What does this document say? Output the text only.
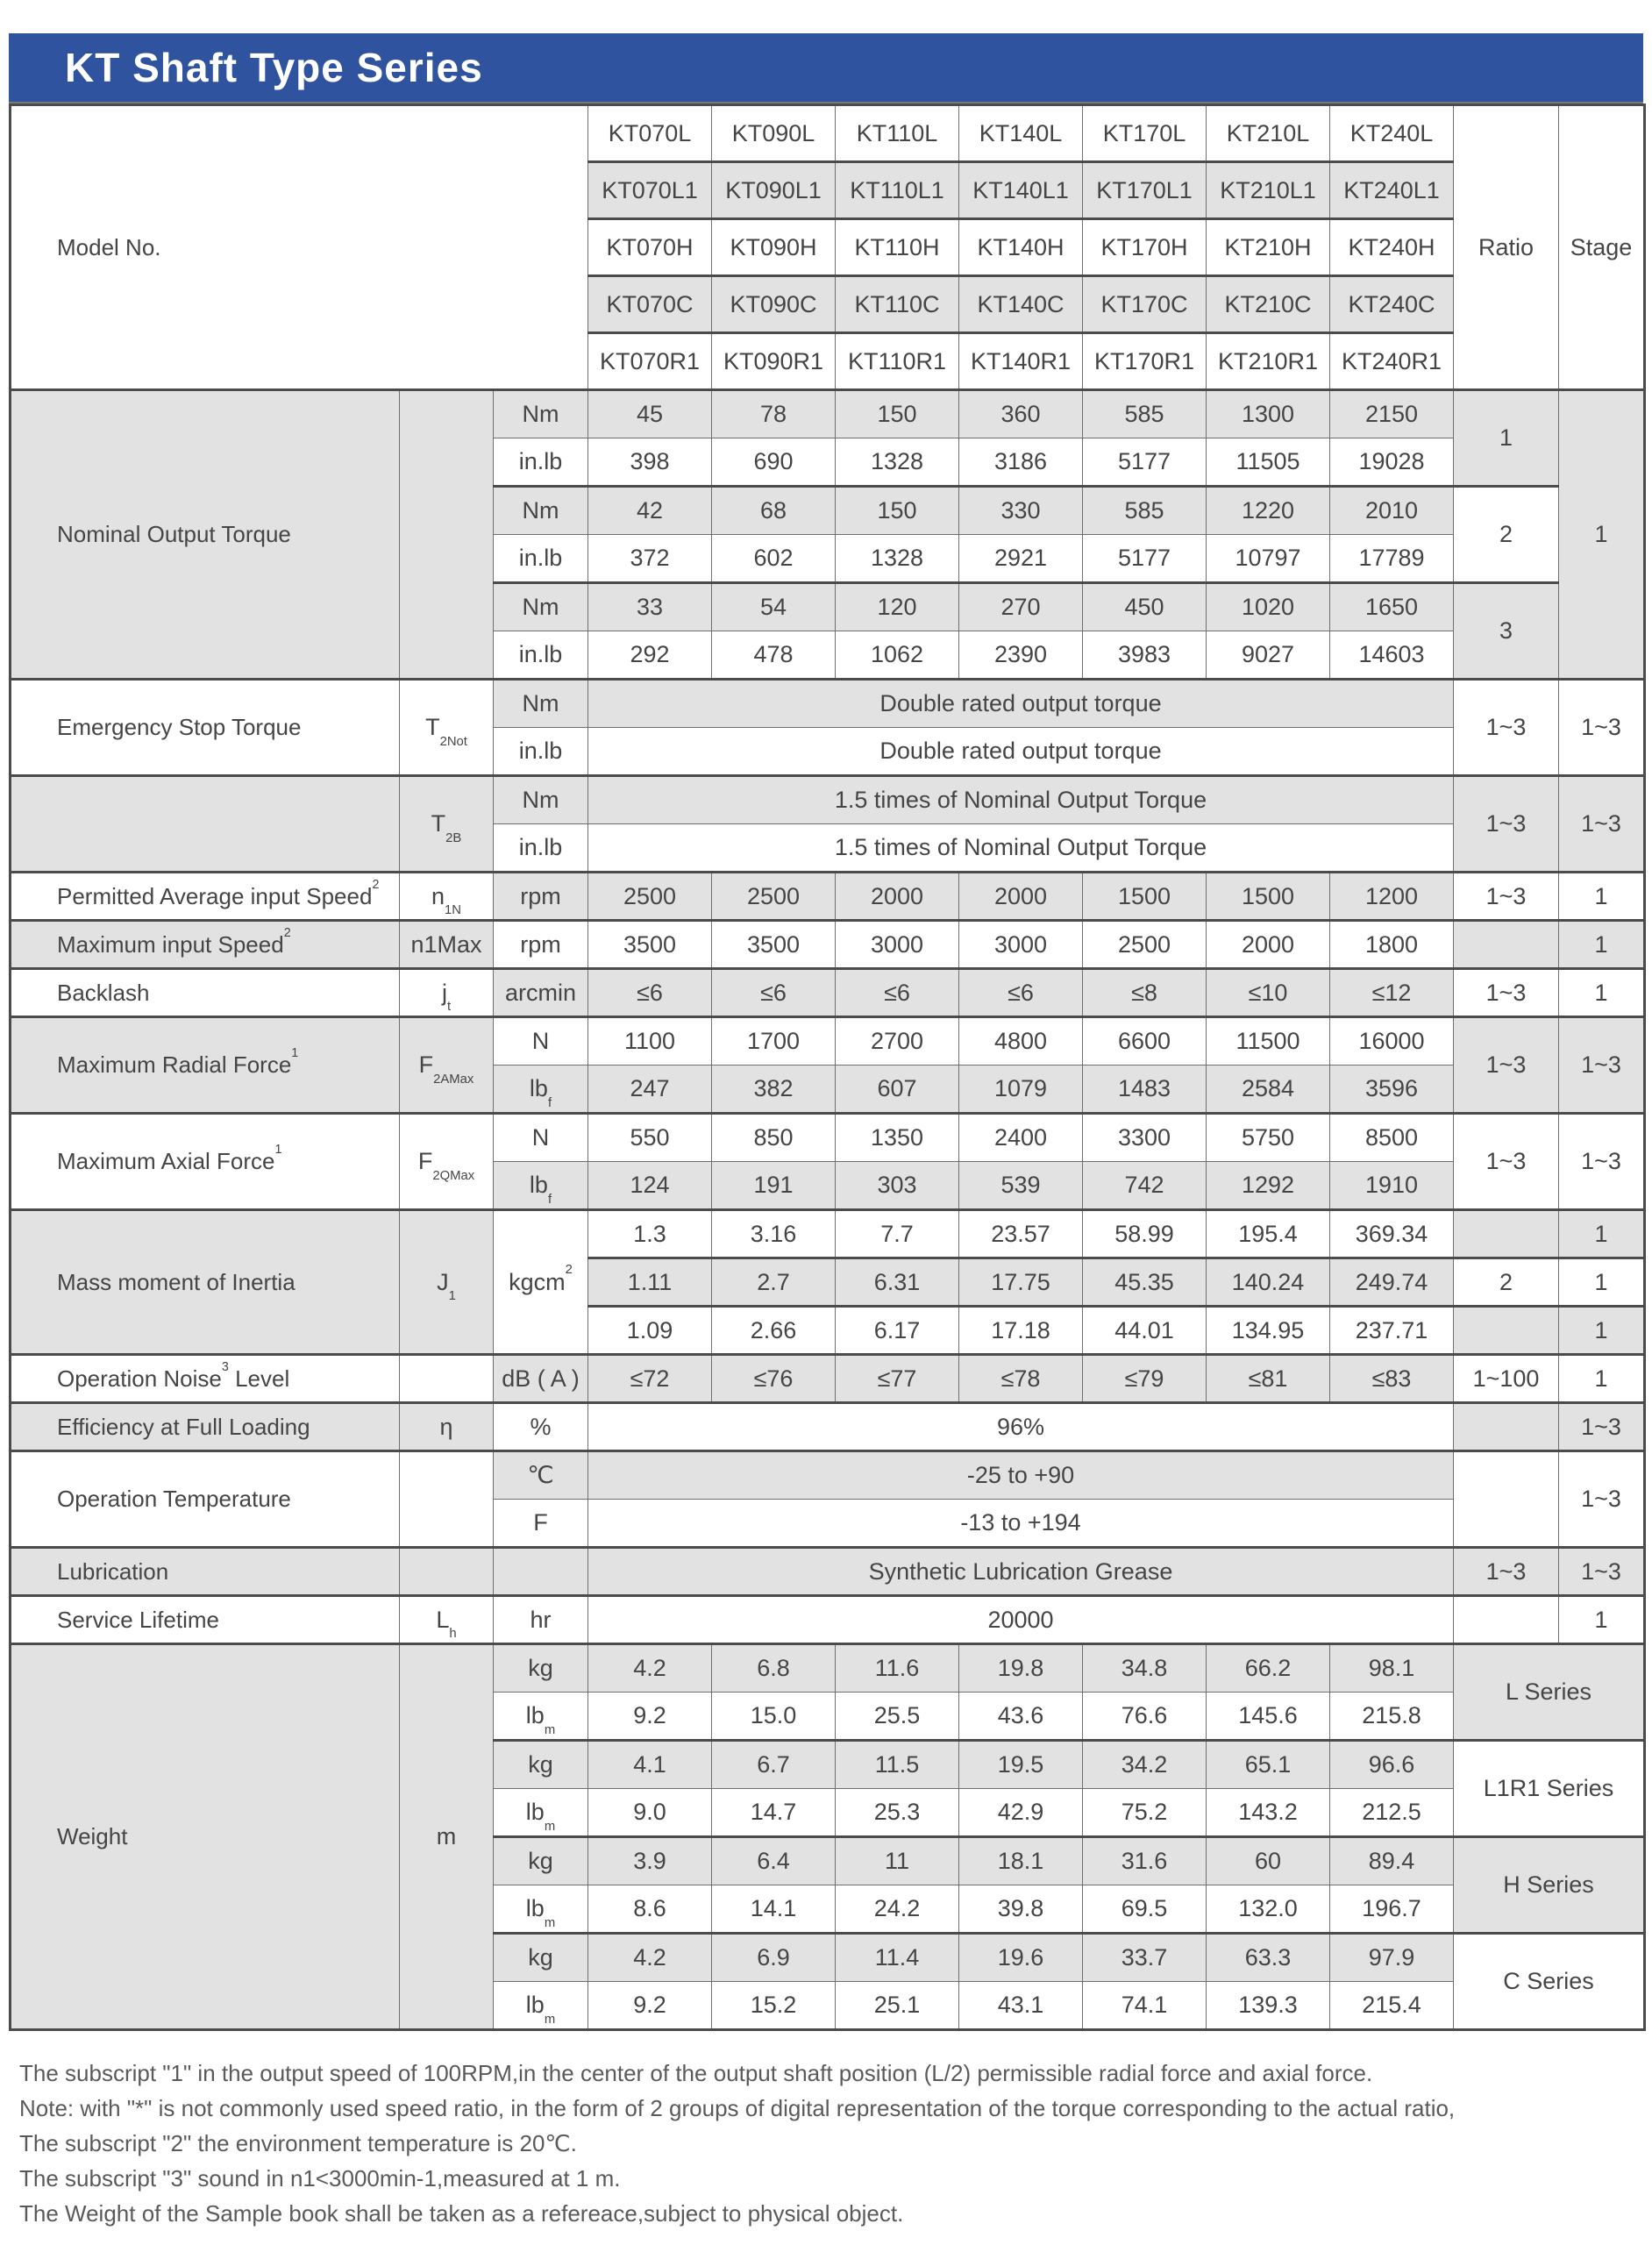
KT Shaft Type Series
Model No.			KT070L	KT090L	KT110L	KT140L	KT170L	KT210L	KT240L	Ratio	Stage
			KT070L1	KT090L1	KT110L1	KT140L1	KT170L1	KT210L1	KT240L1		
			KT070H	KT090H	KT110H	KT140H	KT170H	KT210H	KT240H		
			KT070C	KT090C	KT110C	KT140C	KT170C	KT210C	KT240C		
			KT070R1	KT090R1	KT110R1	KT140R1	KT170R1	KT210R1	KT240R1		
Nominal Output Torque		Nm	45	78	150	360	585	1300	2150	1	1
		in.lb	398	690	1328	3186	5177	11505	19028		
		Nm	42	68	150	330	585	1220	2010	2	
		in.lb	372	602	1328	2921	5177	10797	17789		
		Nm	33	54	120	270	450	1020	1650	3	
		in.lb	292	478	1062	2390	3983	9027	14603		
Emergency Stop Torque	$T_{2Not}$	Nm	Double rated output torque							1~3	1~3
		in.lb	Double rated output torque								
	$T_{2B}$	Nm	1.5 times of Nominal Output Torque							1~3	1~3
		in.lb	1.5 times of Nominal Output Torque								
Permitted Average input Speed$^2$	$n_{1N}$	rpm	2500	2500	2000	2000	1500	1500	1200	1~3	1
Maximum input Speed$^2$	n1Max	rpm	3500	3500	3000	3000	2500	2000	1800		1
Backlash	$j_t$	arcmin	≤6	≤6	≤6	≤6	≤8	≤10	≤12	1~3	1
Maximum Radial Force$^1$	$F_{2AMax}$	N	1100	1700	2700	4800	6600	11500	16000	1~3	1~3
		$lb_f$	247	382	607	1079	1483	2584	3596		
Maximum Axial Force$^1$	$F_{2QMax}$	N	550	850	1350	2400	3300	5750	8500	1~3	1~3
		$lb_f$	124	191	303	539	742	1292	1910		
Mass moment of Inertia	$J_1$	kgcm$^2$	1.3	3.16	7.7	23.57	58.99	195.4	369.34		1
			1.11	2.7	6.31	17.75	45.35	140.24	249.74	2	1
			1.09	2.66	6.17	17.18	44.01	134.95	237.71		1
Operation Noise$^3$ Level		dB ( A )	≤72	≤76	≤77	≤78	≤79	≤81	≤83	1~100	1
Efficiency at Full Loading	η	%	96%								1~3
Operation Temperature		℃	-25 to +90								1~3
		F	-13 to +194								
Lubrication			Synthetic Lubrication Grease							1~3	1~3
Service Lifetime	$L_h$	hr	20000								1
Weight	m	kg	4.2	6.8	11.6	19.8	34.8	66.2	98.1	L Series	
		$lb_m$	9.2	15.0	25.5	43.6	76.6	145.6	215.8		
		kg	4.1	6.7	11.5	19.5	34.2	65.1	96.6	L1R1 Series	
		$lb_m$	9.0	14.7	25.3	42.9	75.2	143.2	212.5		
		kg	3.9	6.4	11	18.1	31.6	60	89.4	H Series	
		$lb_m$	8.6	14.1	24.2	39.8	69.5	132.0	196.7		
		kg	4.2	6.9	11.4	19.6	33.7	63.3	97.9	C Series	
		$lb_m$	9.2	15.2	25.1	43.1	74.1	139.3	215.4		
The subscript "1" in the output speed of 100RPM,in the center of the output shaft position (L/2) permissible radial force and axial force.
Note: with "*" is not commonly used speed ratio, in the form of 2 groups of digital representation of the torque corresponding to the actual ratio,
The subscript "2" the environment temperature is 20℃.
The subscript "3" sound in n1<3000min-1,measured at 1 m.
The Weight of the Sample book shall be taken as a refereace,subject to physical object.
